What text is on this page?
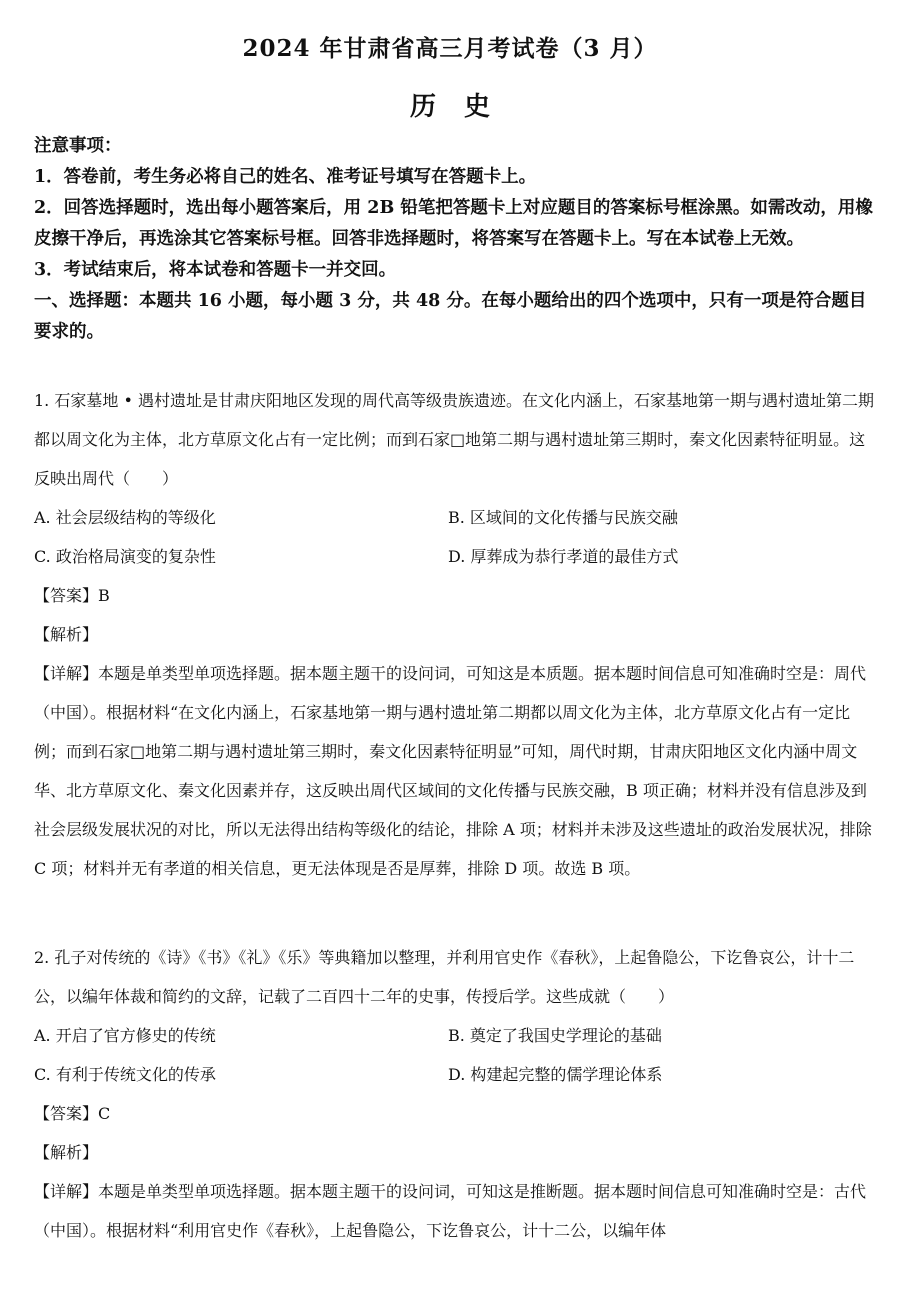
2024 年甘肃省高三月考试卷（3 月）
历史

注意事项：

1．答卷前，考生务必将自己的姓名、准考证号填写在答题卡上。

2．回答选择题时，选出每小题答案后，用 2B 铅笔把答题卡上对应题目的答案标号框涂黑。如需改动，用橡皮擦干净后，再选涂其它答案标号框。回答非选择题时，将答案写在答题卡上。写在本试卷上无效。

3．考试结束后，将本试卷和答题卡一并交回。

一、选择题：本题共 16 小题，每小题 3 分，共 48 分。在每小题给出的四个选项中，只有一项是符合题目要求的。

1. 石家墓地 • 遇村遗址是甘肃庆阳地区发现的周代高等级贵族遗迹。在文化内涵上，石家基地第一期与遇村遗址第二期都以周文化为主体，北方草原文化占有一定比例；而到石家□地第二期与遇村遗址第三期时，秦文化因素特征明显。这反映出周代（　　）

A. 社会层级结构的等级化	B. 区域间的文化传播与民族交融
C. 政治格局演变的复杂性	D. 厚葬成为恭行孝道的最佳方式

【答案】B

【解析】

【详解】本题是单类型单项选择题。据本题主题干的设问词，可知这是本质题。据本题时间信息可知准确时空是：周代（中国）。根据材料“在文化内涵上，石家基地第一期与遇村遗址第二期都以周文化为主体，北方草原文化占有一定比例；而到石家□地第二期与遇村遗址第三期时，秦文化因素特征明显”可知，周代时期，甘肃庆阳地区文化内涵中周文华、北方草原文化、秦文化因素并存，这反映出周代区域间的文化传播与民族交融，B 项正确；材料并没有信息涉及到社会层级发展状况的对比，所以无法得出结构等级化的结论，排除 A 项；材料并未涉及这些遗址的政治发展状况，排除 C 项；材料并无有孝道的相关信息，更无法体现是否是厚葬，排除 D 项。故选 B 项。

2. 孔子对传统的《诗》《书》《礼》《乐》等典籍加以整理，并利用官史作《春秋》，上起鲁隐公，下讫鲁哀公，计十二公，以编年体裁和简约的文辞，记载了二百四十二年的史事，传授后学。这些成就（　　）

A. 开启了官方修史的传统	B. 奠定了我国史学理论的基础
C. 有利于传统文化的传承	D. 构建起完整的儒学理论体系

【答案】C

【解析】

【详解】本题是单类型单项选择题。据本题主题干的设问词，可知这是推断题。据本题时间信息可知准确时空是：古代（中国）。根据材料“利用官史作《春秋》，上起鲁隐公，下讫鲁哀公，计十二公，以编年体
